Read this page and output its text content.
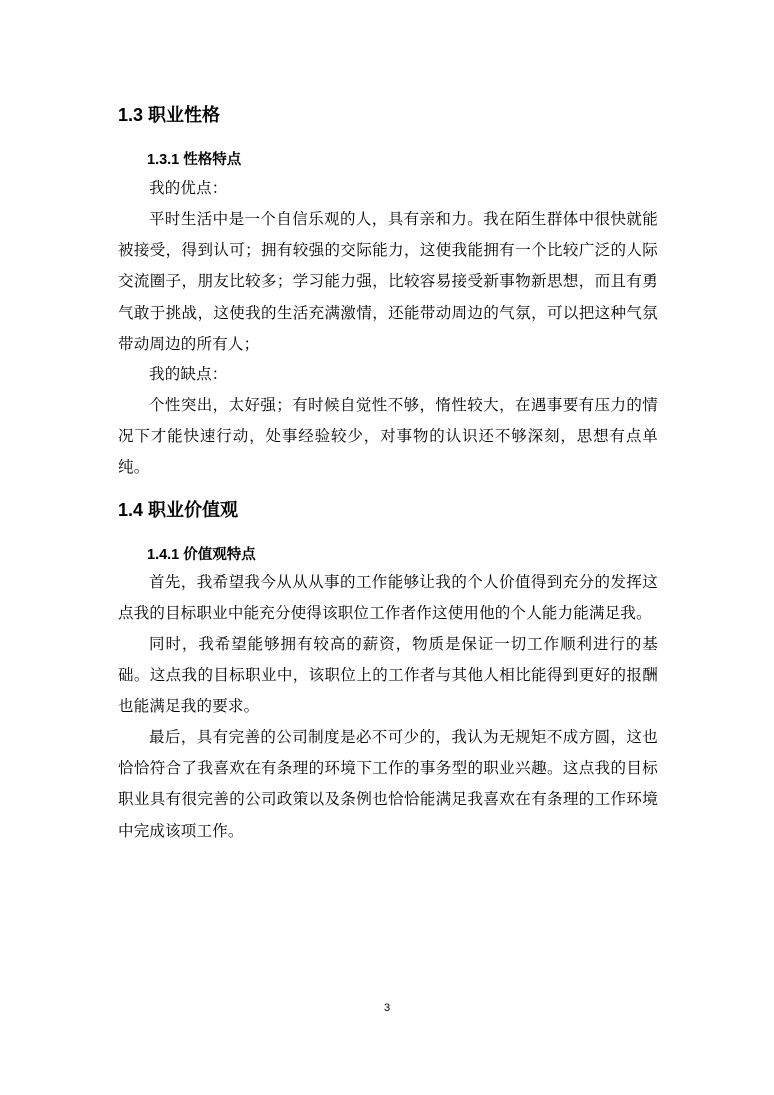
1.3 职业性格
1.3.1 性格特点
我的优点：
平时生活中是一个自信乐观的人，具有亲和力。我在陌生群体中很快就能被接受，得到认可；拥有较强的交际能力，这使我能拥有一个比较广泛的人际交流圈子，朋友比较多；学习能力强，比较容易接受新事物新思想，而且有勇气敢于挑战，这使我的生活充满激情，还能带动周边的气氛，可以把这种气氛带动周边的所有人；
我的缺点：
个性突出，太好强；有时候自觉性不够，惰性较大，在遇事要有压力的情况下才能快速行动，处事经验较少，对事物的认识还不够深刻，思想有点单纯。
1.4 职业价值观
1.4.1 价值观特点
首先，我希望我今从从从事的工作能够让我的个人价值得到充分的发挥这点我的目标职业中能充分使得该职位工作者作这使用他的个人能力能满足我。
同时，我希望能够拥有较高的薪资，物质是保证一切工作顺利进行的基础。这点我的目标职业中，该职位上的工作者与其他人相比能得到更好的报酬也能满足我的要求。
最后，具有完善的公司制度是必不可少的，我认为无规矩不成方圆，这也恰恰符合了我喜欢在有条理的环境下工作的事务型的职业兴趣。这点我的目标职业具有很完善的公司政策以及条例也恰恰能满足我喜欢在有条理的工作环境中完成该项工作。
3
